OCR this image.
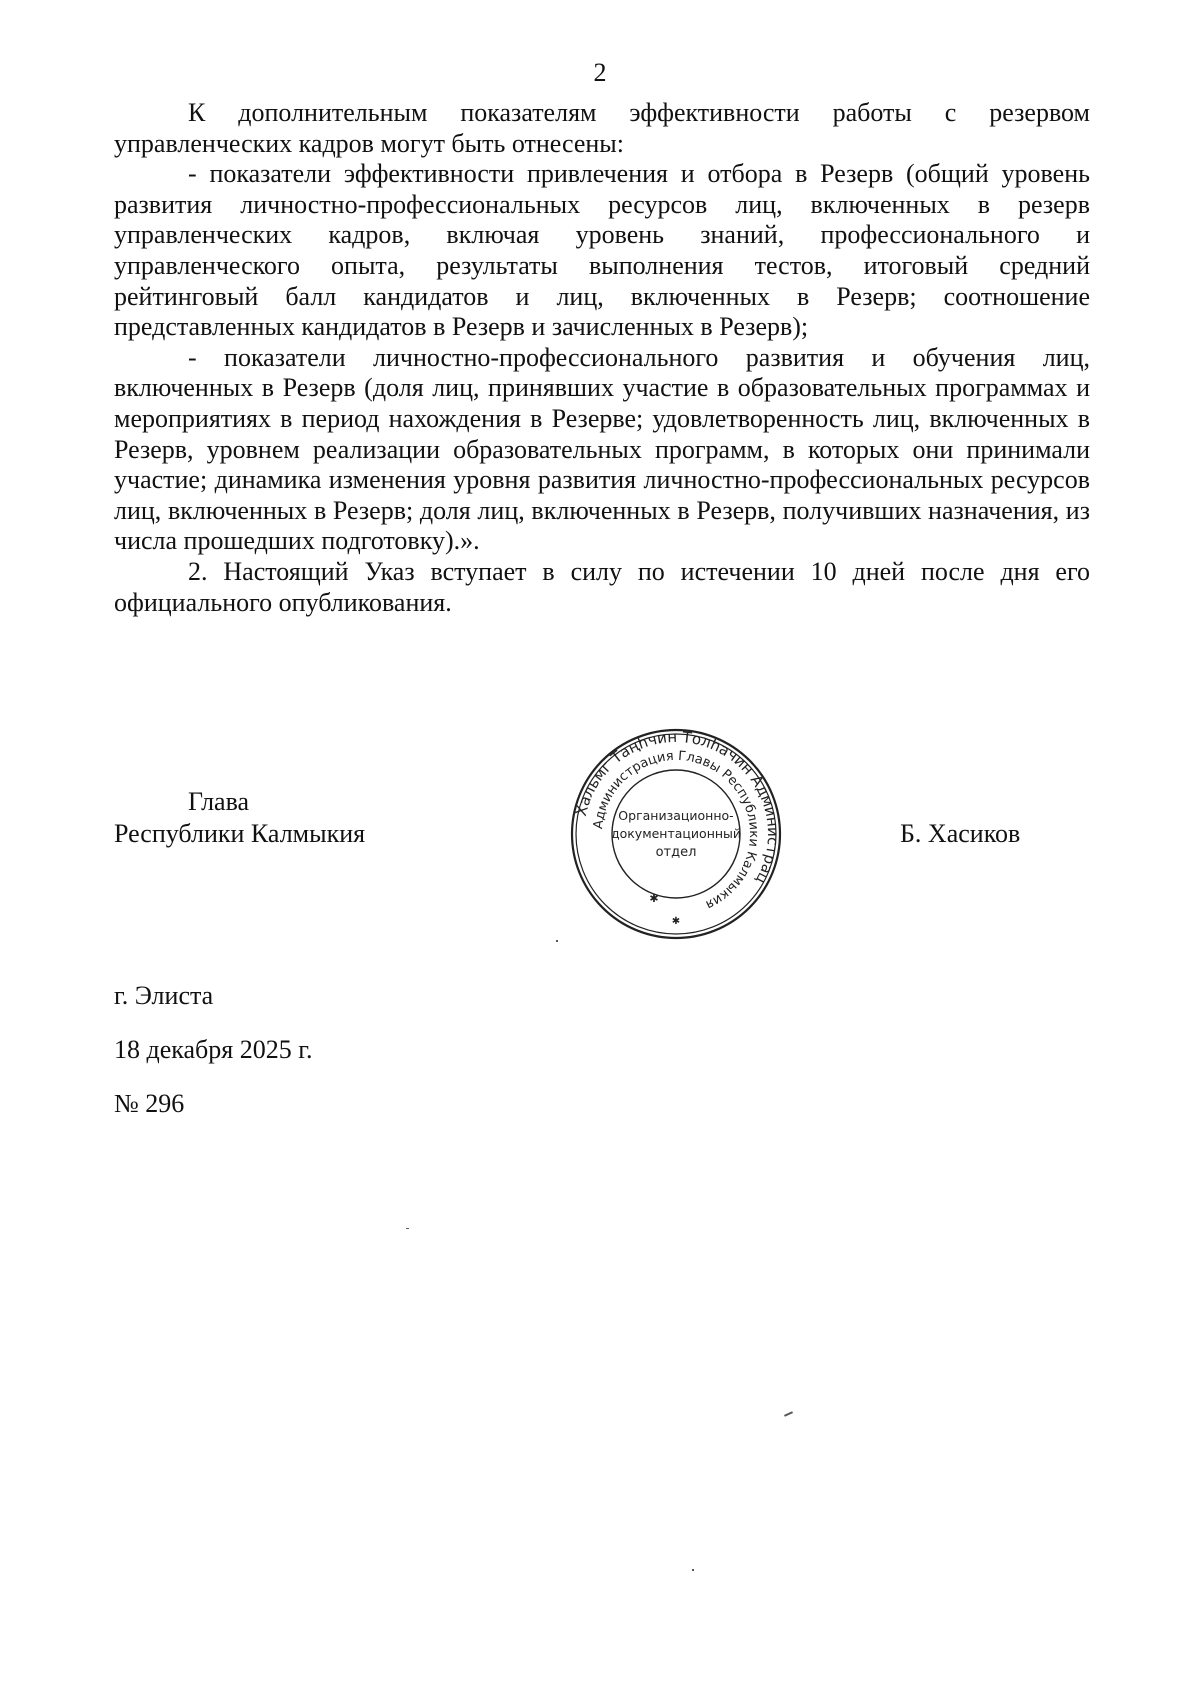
2

К дополнительным показателям эффективности работы с резервом управленческих кадров могут быть отнесены:

- показатели эффективности привлечения и отбора в Резерв (общий уровень развития личностно-профессиональных ресурсов лиц, включенных в резерв управленческих кадров, включая уровень знаний, профессионального и управленческого опыта, результаты выполнения тестов, итоговый средний рейтинговый балл кандидатов и лиц, включенных в Резерв; соотношение представленных кандидатов в Резерв и зачисленных в Резерв);

- показатели личностно-профессионального развития и обучения лиц, включенных в Резерв (доля лиц, принявших участие в образовательных программах и мероприятиях в период нахождения в Резерве; удовлетворенность лиц, включенных в Резерв, уровнем реализации образовательных программ, в которых они принимали участие; динамика изменения уровня развития личностно-профессиональных ресурсов лиц, включенных в Резерв; доля лиц, включенных в Резерв, получивших назначения, из числа прошедших подготовку).».

2. Настоящий Указ вступает в силу по истечении 10 дней после дня его официального опубликования.

Глава
Республики Калмыкия
Хальмг Таңһчин Толһачин Администрац
Администрация Главы Республики Калмыкия
Организационно-
документационный
отдел
✱
✱
Б. Хасиков
г. Элиста
18 декабря 2025 г.
№ 296
